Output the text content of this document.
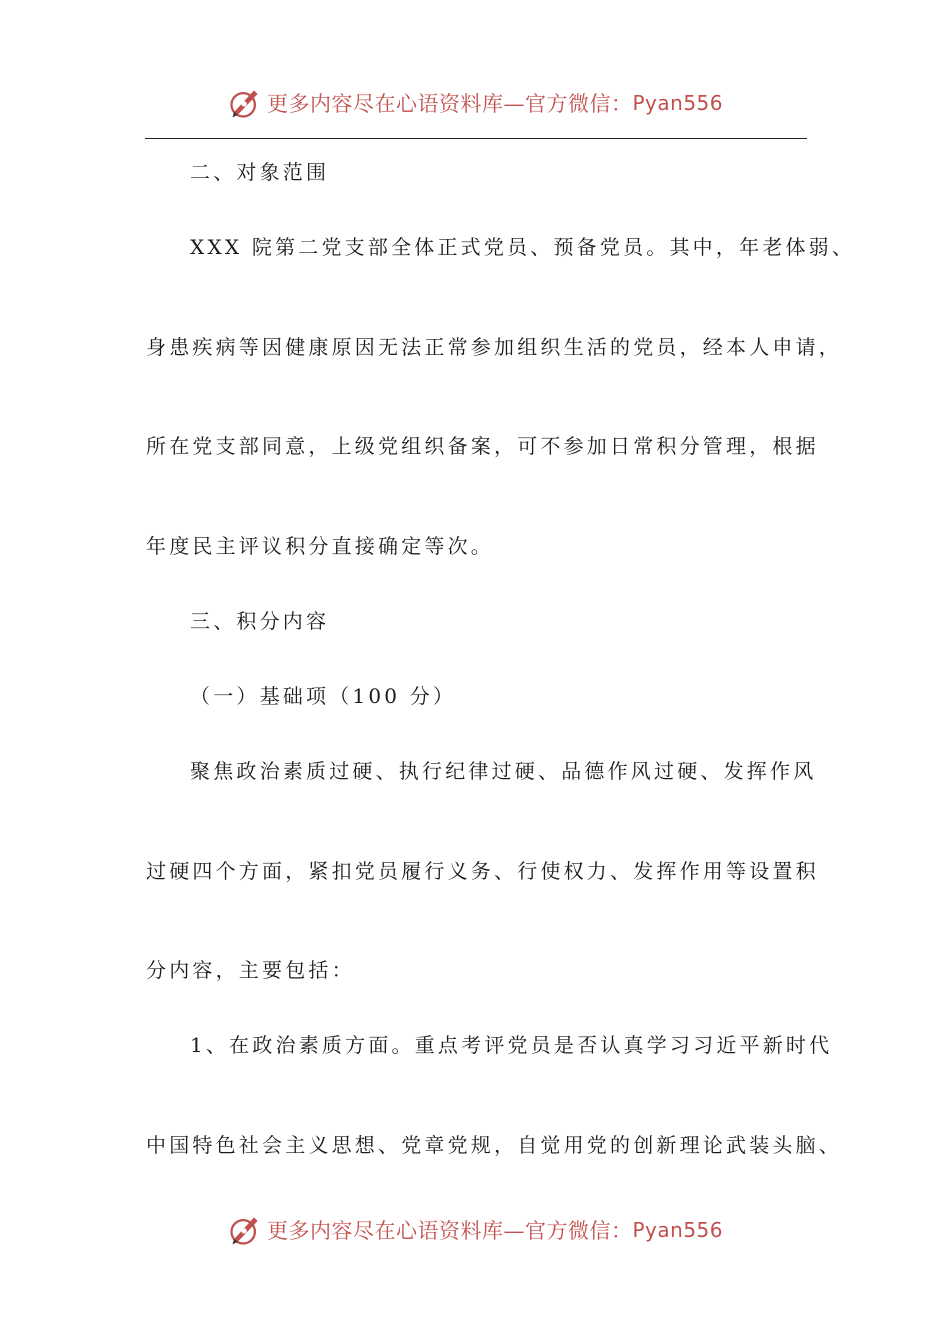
更多内容尽在心语资料库—官方微信： Pyan556
二、对象范围
XXX 院第二党支部全体正式党员、预备党员。其中，年老体弱、
身患疾病等因健康原因无法正常参加组织生活的党员，经本人申请，
所在党支部同意，上级党组织备案，可不参加日常积分管理，根据
年度民主评议积分直接确定等次。
三、积分内容
（一）基础项（100 分）
聚焦政治素质过硬、执行纪律过硬、品德作风过硬、发挥作风
过硬四个方面，紧扣党员履行义务、行使权力、发挥作用等设置积
分内容，主要包括：
1、在政治素质方面。重点考评党员是否认真学习习近平新时代
中国特色社会主义思想、党章党规，自觉用党的创新理论武装头脑、
更多内容尽在心语资料库—官方微信： Pyan556
